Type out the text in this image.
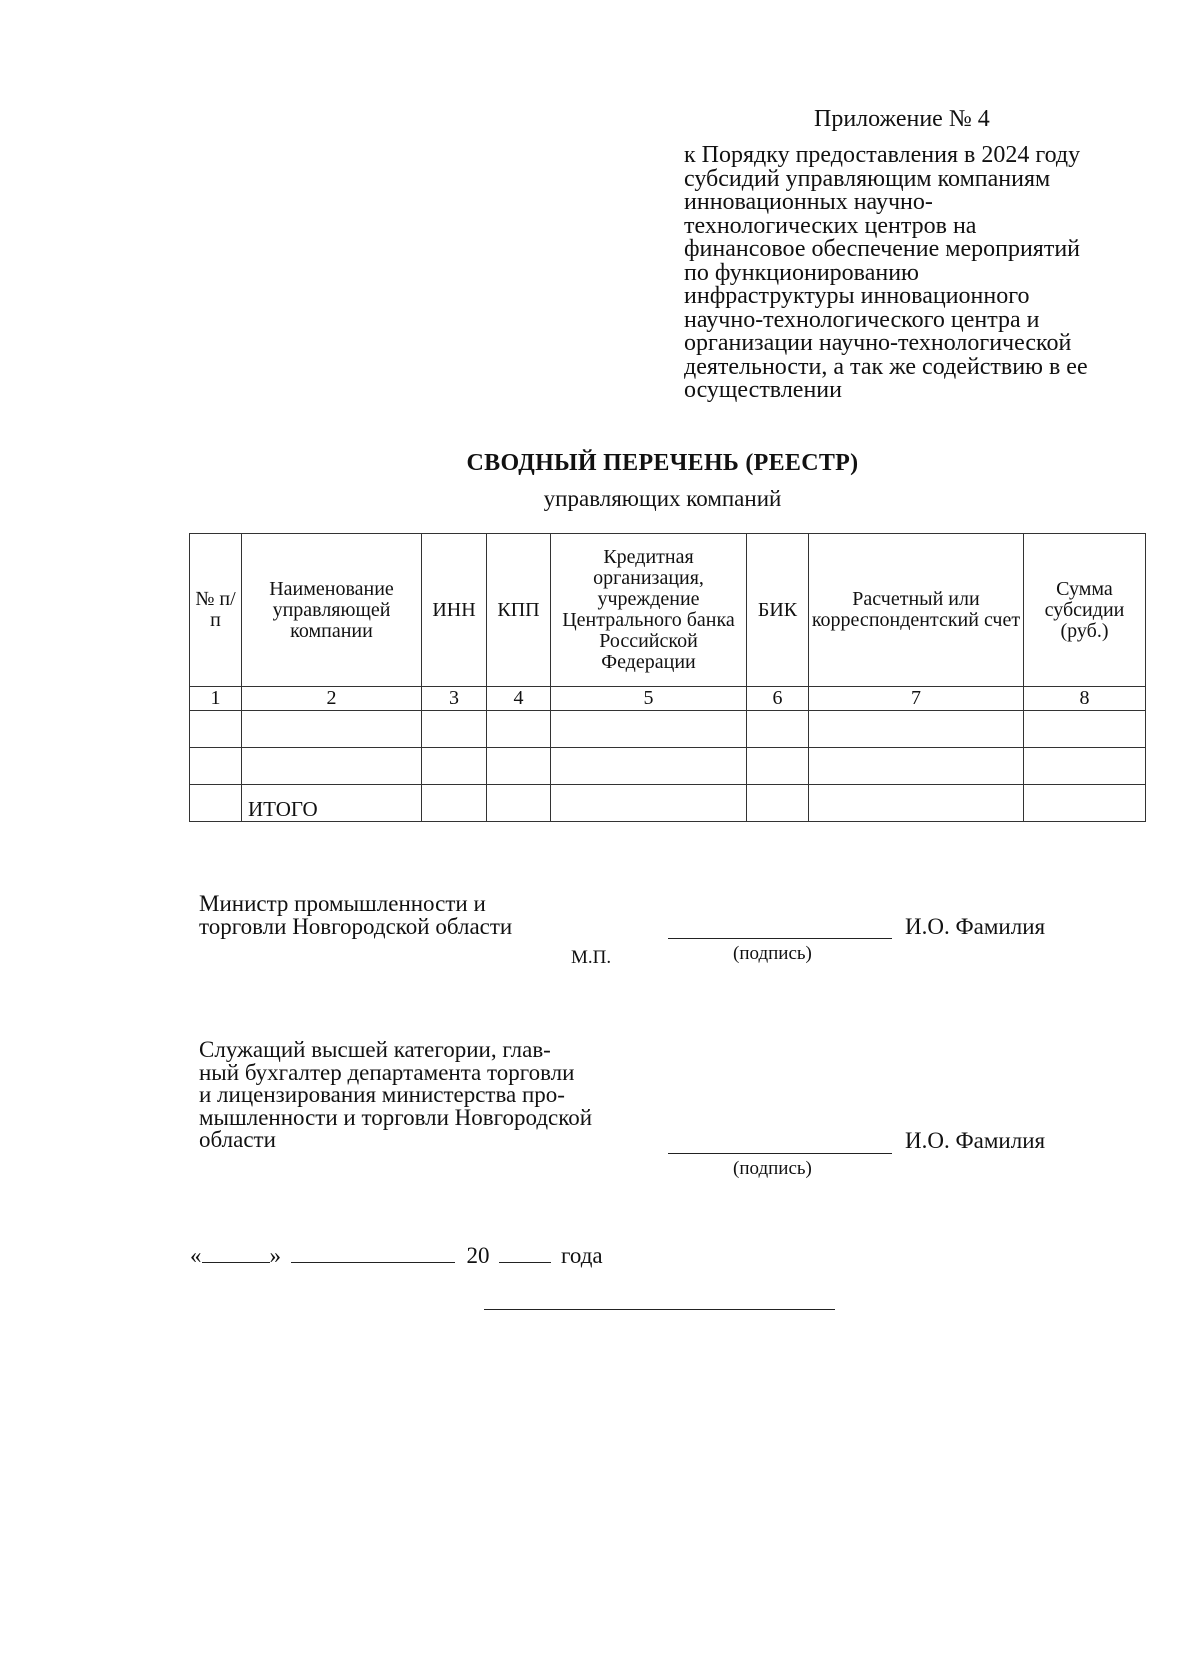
Приложение № 4
к Порядку предоставления в 2024 году
субсидий управляющим компаниям
инновационных научно-
технологических центров на
финансовое обеспечение мероприятий
по функционированию
инфраструктуры инновационного
научно-технологического центра и
организации научно-технологической
деятельности, а так же содействию в ее
осуществлении
СВОДНЫЙ ПЕРЕЧЕНЬ (РЕЕСТР)
управляющих компаний
№ п/п	Наименование управляющей компании	ИНН	КПП	Кредитная организация, учреждение Центрального банка Российской Федерации	БИК	Расчетный или корреспондентский счет	Сумма субсидии (руб.)
1	2	3	4	5	6	7	8

	ИТОГО						
Министр промышленности и
торговли Новгородской области	И.О. Фамилия
М.П.	(подпись)
Служащий высшей категории, глав-
ный бухгалтер департамента торговли
и лицензирования министерства про-
мышленности и торговли Новгородской
области	И.О. Фамилия
(подпись)
«	»	20	года
